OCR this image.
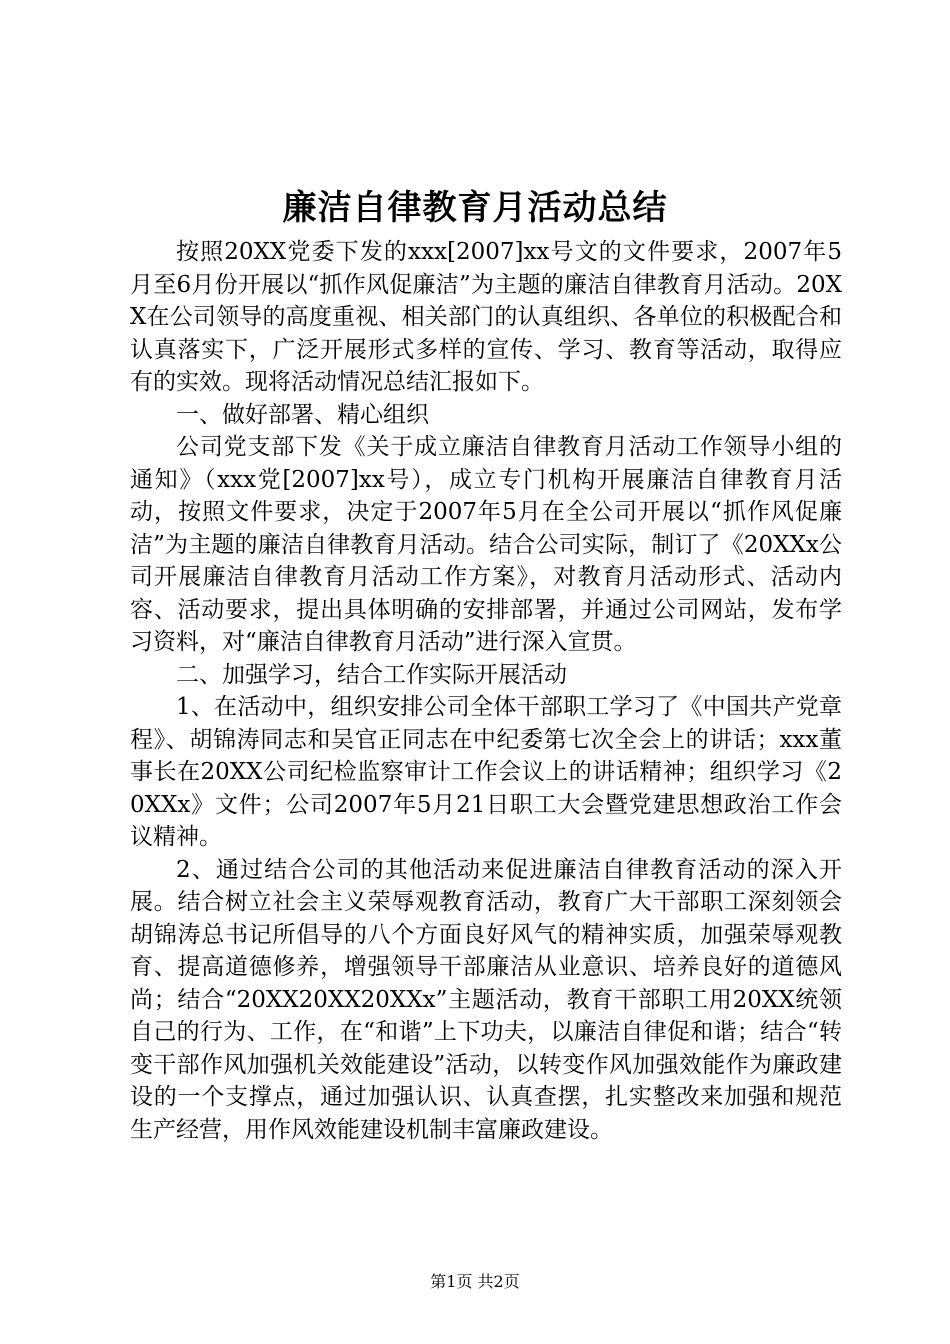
廉洁自律教育月活动总结

按照20XX党委下发的xxx[2007]xx号文的文件要求，2007年5月至6月份开展以“抓作风促廉洁”为主题的廉洁自律教育月活动。20XX在公司领导的高度重视、相关部门的认真组织、各单位的积极配合和认真落实下，广泛开展形式多样的宣传、学习、教育等活动，取得应有的实效。现将活动情况总结汇报如下。

一、做好部署、精心组织

公司党支部下发《关于成立廉洁自律教育月活动工作领导小组的通知》（xxx党[2007]xx号），成立专门机构开展廉洁自律教育月活动，按照文件要求，决定于2007年5月在全公司开展以“抓作风促廉洁”为主题的廉洁自律教育月活动。结合公司实际，制订了《20XXx公司开展廉洁自律教育月活动工作方案》，对教育月活动形式、活动内容、活动要求，提出具体明确的安排部署，并通过公司网站，发布学习资料，对“廉洁自律教育月活动”进行深入宣贯。

二、加强学习，结合工作实际开展活动

1、在活动中，组织安排公司全体干部职工学习了《中国共产党章程》、胡锦涛同志和吴官正同志在中纪委第七次全会上的讲话；xxx董事长在20XX公司纪检监察审计工作会议上的讲话精神；组织学习《20XXx》文件；公司2007年5月21日职工大会暨党建思想政治工作会议精神。

2、通过结合公司的其他活动来促进廉洁自律教育活动的深入开展。结合树立社会主义荣辱观教育活动，教育广大干部职工深刻领会胡锦涛总书记所倡导的八个方面良好风气的精神实质，加强荣辱观教育、提高道德修养，增强领导干部廉洁从业意识、培养良好的道德风尚；结合“20XX20XX20XXx”主题活动，教育干部职工用20XX统领自己的行为、工作，在“和谐”上下功夫，以廉洁自律促和谐；结合“转变干部作风加强机关效能建设”活动，以转变作风加强效能作为廉政建设的一个支撑点，通过加强认识、认真查摆，扎实整改来加强和规范生产经营，用作风效能建设机制丰富廉政建设。

第1页 共2页
